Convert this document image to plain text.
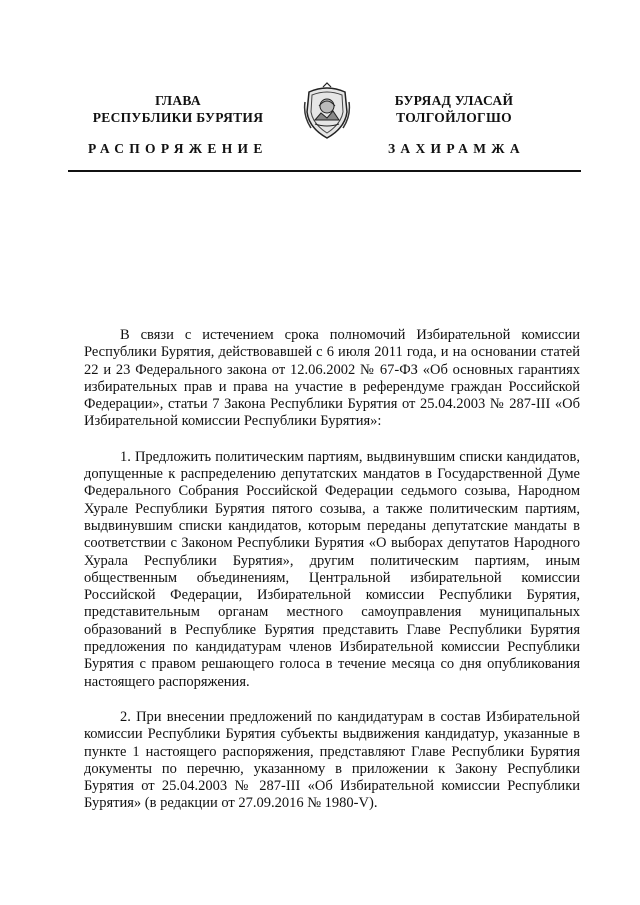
ГЛАВА
РЕСПУБЛИКИ БУРЯТИЯ
БУРЯАД УЛАСАЙ
ТОЛГОЙЛОГШО
РАСПОРЯЖЕНИЕ	ЗАХИРАМЖА

В связи с истечением срока полномочий Избирательной комиссии Республики Бурятия, действовавшей с 6 июля 2011 года, и на основании статей 22 и 23 Федерального закона от 12.06.2002 № 67-ФЗ «Об основных гарантиях избирательных прав и права на участие в референдуме граждан Российской Федерации», статьи 7 Закона Республики Бурятия от 25.04.2003 № 287-III «Об Избирательной комиссии Республики Бурятия»:

1. Предложить политическим партиям, выдвинувшим списки кандидатов, допущенные к распределению депутатских мандатов в Государственной Думе Федерального Собрания Российской Федерации седьмого созыва, Народном Хурале Республики Бурятия пятого созыва, а также политическим партиям, выдвинувшим списки кандидатов, которым переданы депутатские мандаты в соответствии с Законом Республики Бурятия «О выборах депутатов Народного Хурала Республики Бурятия», другим политическим партиям, иным общественным объединениям, Центральной избирательной комиссии Российской Федерации, Избирательной комиссии Республики Бурятия, представительным органам местного самоуправления муниципальных образований в Республике Бурятия представить Главе Республики Бурятия предложения по кандидатурам членов Избирательной комиссии Республики Бурятия с правом решающего голоса в течение месяца со дня опубликования настоящего распоряжения.

2. При внесении предложений по кандидатурам в состав Избирательной комиссии Республики Бурятия субъекты выдвижения кандидатур, указанные в пункте 1 настоящего распоряжения, представляют Главе Республики Бурятия документы по перечню, указанному в приложении к Закону Республики Бурятия от 25.04.2003 № 287-III «Об Избирательной комиссии Республики Бурятия» (в редакции от 27.09.2016 № 1980-V).
